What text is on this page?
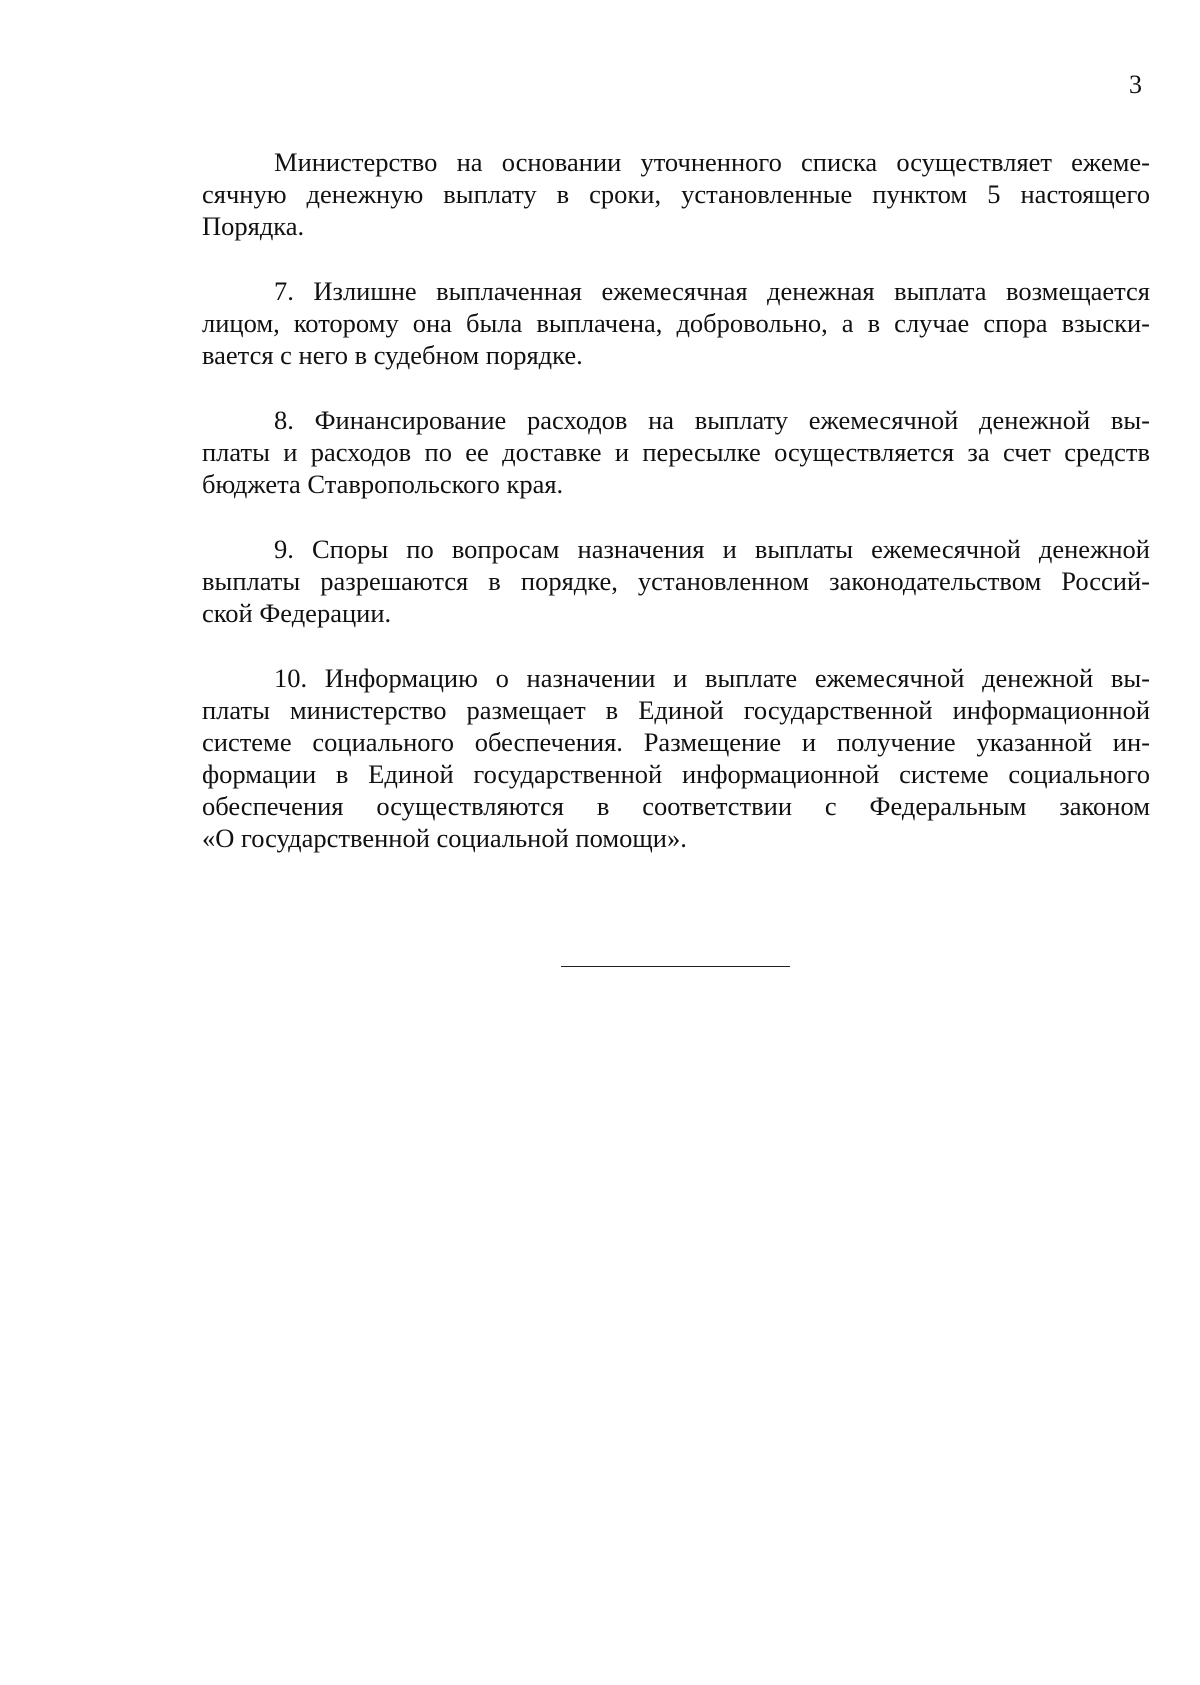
3
Министерство на основании уточненного списка осуществляет ежеме-
сячную денежную выплату в сроки, установленные пунктом 5 настоящего
Порядка.
7. Излишне выплаченная ежемесячная денежная выплата возмещается
лицом, которому она была выплачена, добровольно, а в случае спора взыски-
вается с него в судебном порядке.
8. Финансирование расходов на выплату ежемесячной денежной вы-
платы и расходов по ее доставке и пересылке осуществляется за счет средств
бюджета Ставропольского края.
9. Споры по вопросам назначения и выплаты ежемесячной денежной
выплаты разрешаются в порядке, установленном законодательством Россий-
ской Федерации.
10. Информацию о назначении и выплате ежемесячной денежной вы-
платы министерство размещает в Единой государственной информационной
системе социального обеспечения. Размещение и получение указанной ин-
формации в Единой государственной информационной системе социального
обеспечения осуществляются в соответствии с Федеральным законом
«О государственной социальной помощи».
